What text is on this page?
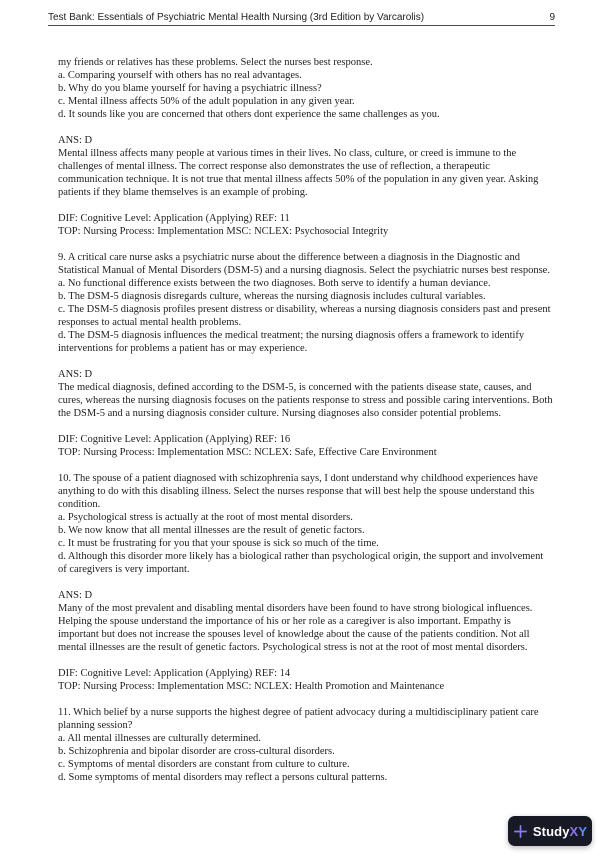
Test Bank: Essentials of Psychiatric Mental Health Nursing (3rd Edition by Varcarolis)	9
my friends or relatives has these problems. Select the nurses best response.
a. Comparing yourself with others has no real advantages.
b. Why do you blame yourself for having a psychiatric illness?
c. Mental illness affects 50% of the adult population in any given year.
d. It sounds like you are concerned that others dont experience the same challenges as you.
ANS: D
Mental illness affects many people at various times in their lives. No class, culture, or creed is immune to the challenges of mental illness. The correct response also demonstrates the use of reflection, a therapeutic communication technique. It is not true that mental illness affects 50% of the population in any given year. Asking patients if they blame themselves is an example of probing.
DIF: Cognitive Level: Application (Applying) REF: 11
TOP: Nursing Process: Implementation MSC: NCLEX: Psychosocial Integrity
9. A critical care nurse asks a psychiatric nurse about the difference between a diagnosis in the Diagnostic and Statistical Manual of Mental Disorders (DSM-5) and a nursing diagnosis. Select the psychiatric nurses best response.
a. No functional difference exists between the two diagnoses. Both serve to identify a human deviance.
b. The DSM-5 diagnosis disregards culture, whereas the nursing diagnosis includes cultural variables.
c. The DSM-5 diagnosis profiles present distress or disability, whereas a nursing diagnosis considers past and present responses to actual mental health problems.
d. The DSM-5 diagnosis influences the medical treatment; the nursing diagnosis offers a framework to identify interventions for problems a patient has or may experience.
ANS: D
The medical diagnosis, defined according to the DSM-5, is concerned with the patients disease state, causes, and cures, whereas the nursing diagnosis focuses on the patients response to stress and possible caring interventions. Both the DSM-5 and a nursing diagnosis consider culture. Nursing diagnoses also consider potential problems.
DIF: Cognitive Level: Application (Applying) REF: 16
TOP: Nursing Process: Implementation MSC: NCLEX: Safe, Effective Care Environment
10. The spouse of a patient diagnosed with schizophrenia says, I dont understand why childhood experiences have anything to do with this disabling illness. Select the nurses response that will best help the spouse understand this condition.
a. Psychological stress is actually at the root of most mental disorders.
b. We now know that all mental illnesses are the result of genetic factors.
c. It must be frustrating for you that your spouse is sick so much of the time.
d. Although this disorder more likely has a biological rather than psychological origin, the support and involvement of caregivers is very important.
ANS: D
Many of the most prevalent and disabling mental disorders have been found to have strong biological influences. Helping the spouse understand the importance of his or her role as a caregiver is also important. Empathy is important but does not increase the spouses level of knowledge about the cause of the patients condition. Not all mental illnesses are the result of genetic factors. Psychological stress is not at the root of most mental disorders.
DIF: Cognitive Level: Application (Applying) REF: 14
TOP: Nursing Process: Implementation MSC: NCLEX: Health Promotion and Maintenance
11. Which belief by a nurse supports the highest degree of patient advocacy during a multidisciplinary patient care planning session?
a. All mental illnesses are culturally determined.
b. Schizophrenia and bipolar disorder are cross-cultural disorders.
c. Symptoms of mental disorders are constant from culture to culture.
d. Some symptoms of mental disorders may reflect a persons cultural patterns.
StudyXY
